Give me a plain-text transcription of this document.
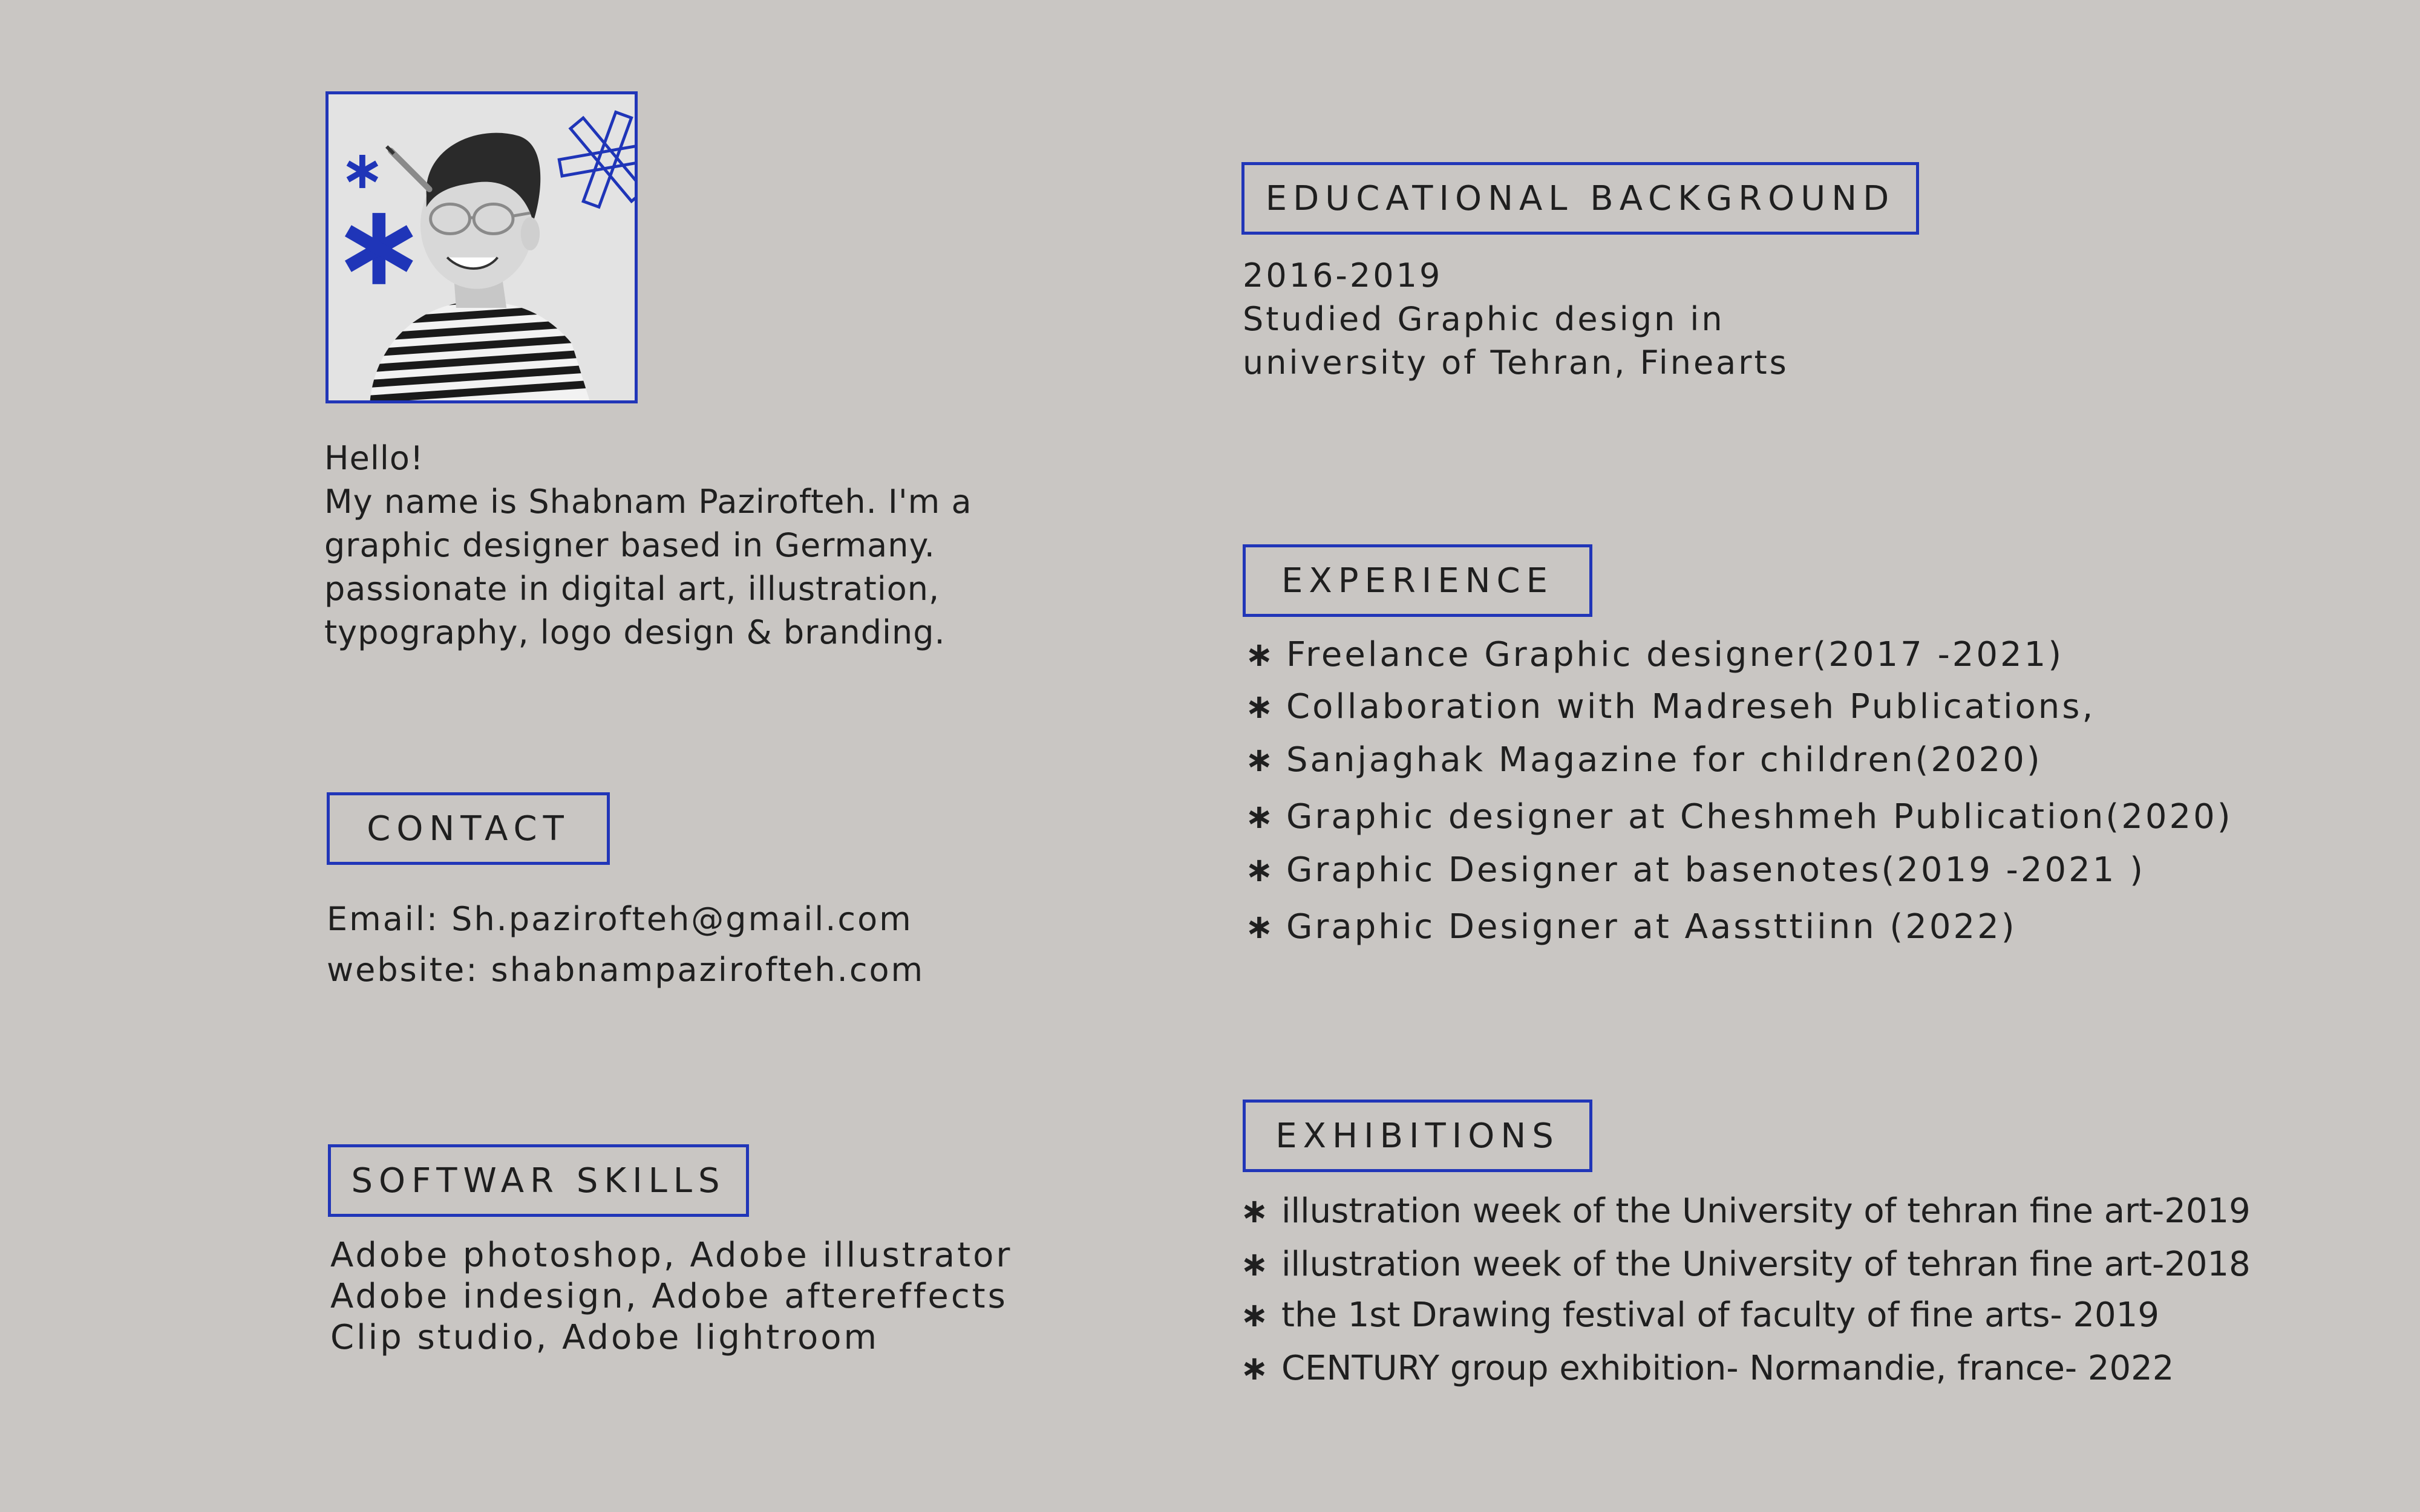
Hello!
My name is Shabnam Pazirofteh. I'm a
graphic designer based in Germany.
passionate in digital art, illustration,
typography, logo design & branding.
CONTACT
Email: Sh.pazirofteh@gmail.com
website: shabnampazirofteh.com
SOFTWAR SKILLS
Adobe photoshop, Adobe illustrator
Adobe indesign, Adobe aftereffects
Clip studio, Adobe lightroom
EDUCATIONAL BACKGROUND
2016-2019
Studied Graphic design in
university of Tehran, Finearts
EXPERIENCE
∗ Freelance Graphic designer(2017 -2021)
∗ Collaboration with Madreseh Publications,
∗ Sanjaghak Magazine for children(2020)
∗ Graphic designer at Cheshmeh Publication(2020)
∗ Graphic Designer at basenotes(2019 -2021 )
∗ Graphic Designer at Aassttiinn (2022)
EXHIBITIONS
∗ illustration week of the University of tehran fine art-2019
∗ illustration week of the University of tehran fine art-2018
∗ the 1st Drawing festival of faculty of fine arts- 2019
∗ CENTURY group exhibition- Normandie, france- 2022
